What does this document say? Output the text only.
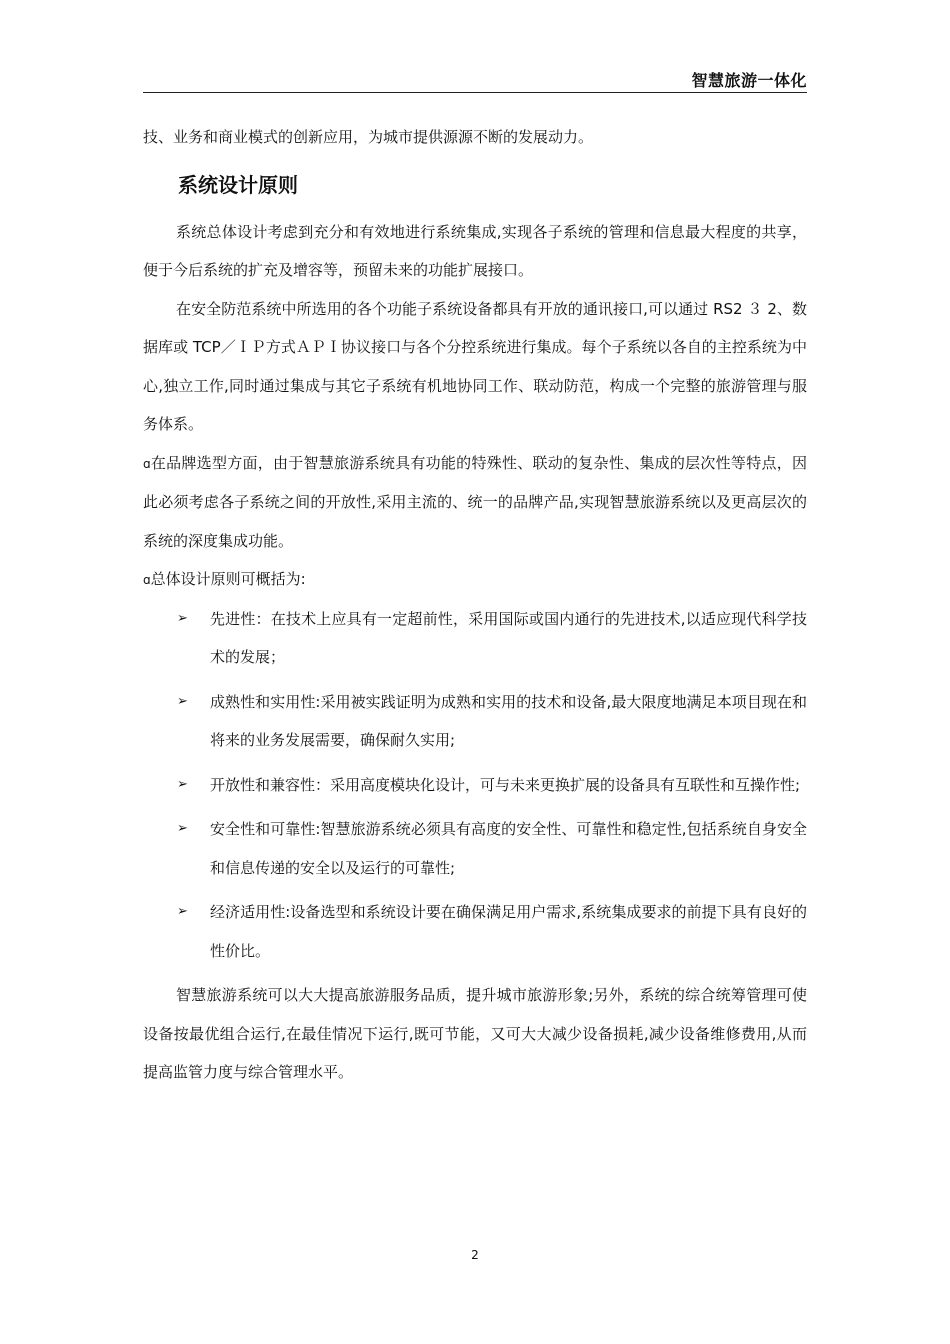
智慧旅游一体化

技、业务和商业模式的创新应用，为城市提供源源不断的发展动力。

系统设计原则

系统总体设计考虑到充分和有效地进行系统集成,实现各子系统的管理和信息最大程度的共享，便于今后系统的扩充及增容等，预留未来的功能扩展接口。

在安全防范系统中所选用的各个功能子系统设备都具有开放的通讯接口,可以通过 RS2 ３ 2、数据库或 TCP／ＩＰ方式ＡＰＩ协议接口与各个分控系统进行集成。每个子系统以各自的主控系统为中心,独立工作,同时通过集成与其它子系统有机地协同工作、联动防范，构成一个完整的旅游管理与服务体系。

ɑ在品牌选型方面，由于智慧旅游系统具有功能的特殊性、联动的复杂性、集成的层次性等特点，因此必须考虑各子系统之间的开放性,采用主流的、统一的品牌产品,实现智慧旅游系统以及更高层次的系统的深度集成功能。

ɑ总体设计原则可概括为:

➢ 先进性：在技术上应具有一定超前性，采用国际或国内通行的先进技术,以适应现代科学技术的发展；
➢ 成熟性和实用性:采用被实践证明为成熟和实用的技术和设备,最大限度地满足本项目现在和将来的业务发展需要，确保耐久实用;
➢ 开放性和兼容性：采用高度模块化设计，可与未来更换扩展的设备具有互联性和互操作性;
➢ 安全性和可靠性:智慧旅游系统必须具有高度的安全性、可靠性和稳定性,包括系统自身安全和信息传递的安全以及运行的可靠性;
➢ 经济适用性:设备选型和系统设计要在确保满足用户需求,系统集成要求的前提下具有良好的性价比。

智慧旅游系统可以大大提高旅游服务品质，提升城市旅游形象;另外，系统的综合统筹管理可使设备按最优组合运行,在最佳情况下运行,既可节能，又可大大减少设备损耗,减少设备维修费用,从而提高监管力度与综合管理水平。

2
